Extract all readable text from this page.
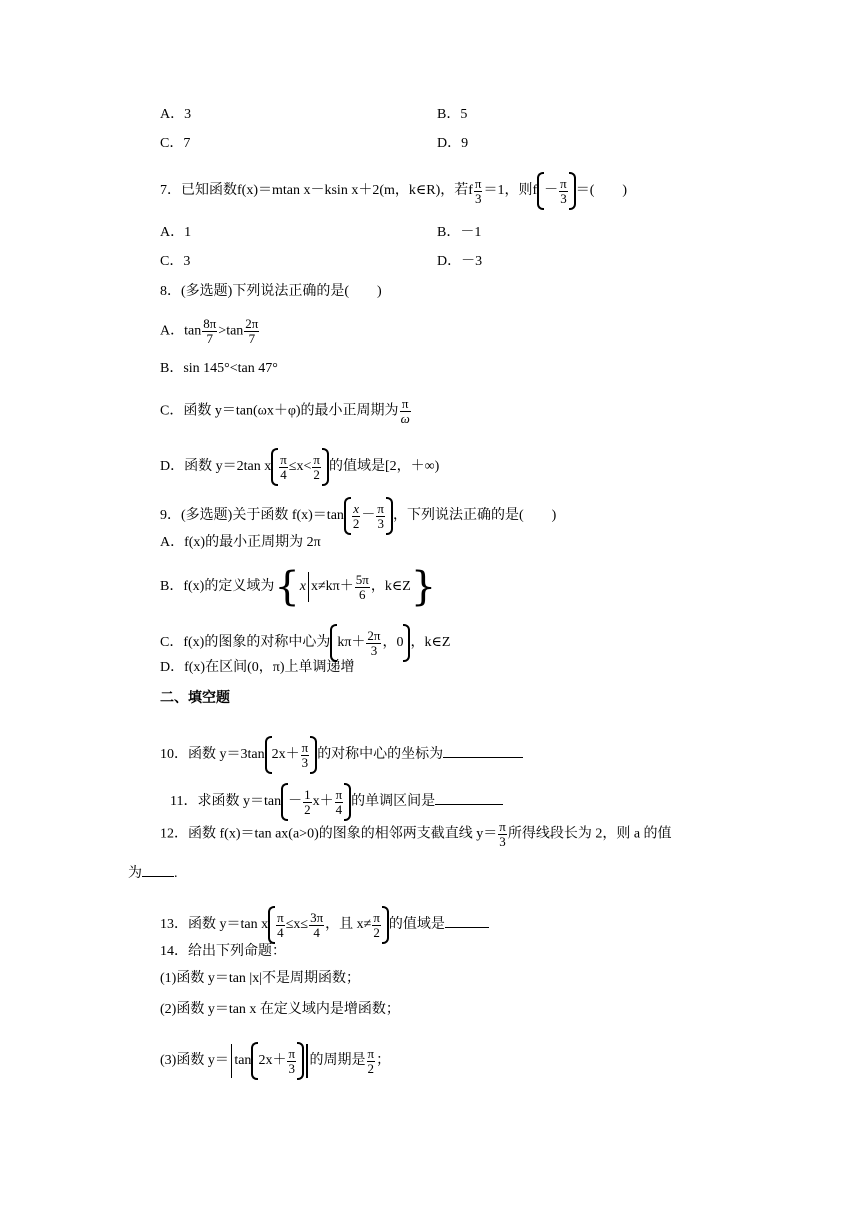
A．3	B．5
C．7	D．9
7．已知函数f(x)＝mtan x－ksin x＋2(m，k∈R)，若f $\frac{\pi}{3} =1$，则$f - \frac{\pi}{3}$ ＝(　　)
A．1	B．－1
C．3	D．－3
8．(多选题)下列说法正确的是(　　)
A．$\tan \frac{8\pi}{7} >\tan \frac{2\pi}{7}$
B．sin 145°<tan 47°
C．函数 y＝tan(ωx＋φ)的最小正周期为 $\frac{\pi}{\omega}$
D．函数 y＝2tan x $\frac{\pi}{4} \le x< \frac{\pi}{2}$ 的值域是[2，＋∞)
9．(多选题)关于函数 $f(x)=\tan \frac{x}{2} - \frac{\pi}{3}$ ，下列说法正确的是(　　)
A．f(x)的最小正周期为 2π
B．f(x)的定义域为{x $x\ne k\pi+ \frac{5\pi}{6}$ ，k∈Z}
C．f(x)的图象的对称中心为 $k\pi+ \frac{2\pi}{3}$ ，0 ，k∈Z
D．f(x)在区间(0，π)上单调递增
二、填空题
10．函数 y＝3tan $2x+ \frac{\pi}{3}$ 的对称中心的坐标为
11．求函数 $y=\tan - \frac{1}{2} x+ \frac{\pi}{4}$ 的单调区间是
12．函数 f(x)＝tan ax(a>0)的图象的相邻两支截直线 $y= \frac{\pi}{3}$ 所得线段长为 2，则 a 的值
为 .
13．函数 y＝tan x $\frac{\pi}{4} \le x\le \frac{3\pi}{4}$ ，且 $x\ne \frac{\pi}{2}$ 的值域是
14．给出下列命题：
(1)函数 y＝tan |x|不是周期函数；
(2)函数 y＝tan x 在定义域内是增函数；
(3)函数 $y= \tan 2x+ \frac{\pi}{3}$ 的周期是 $\frac{\pi}{2}$ ；
